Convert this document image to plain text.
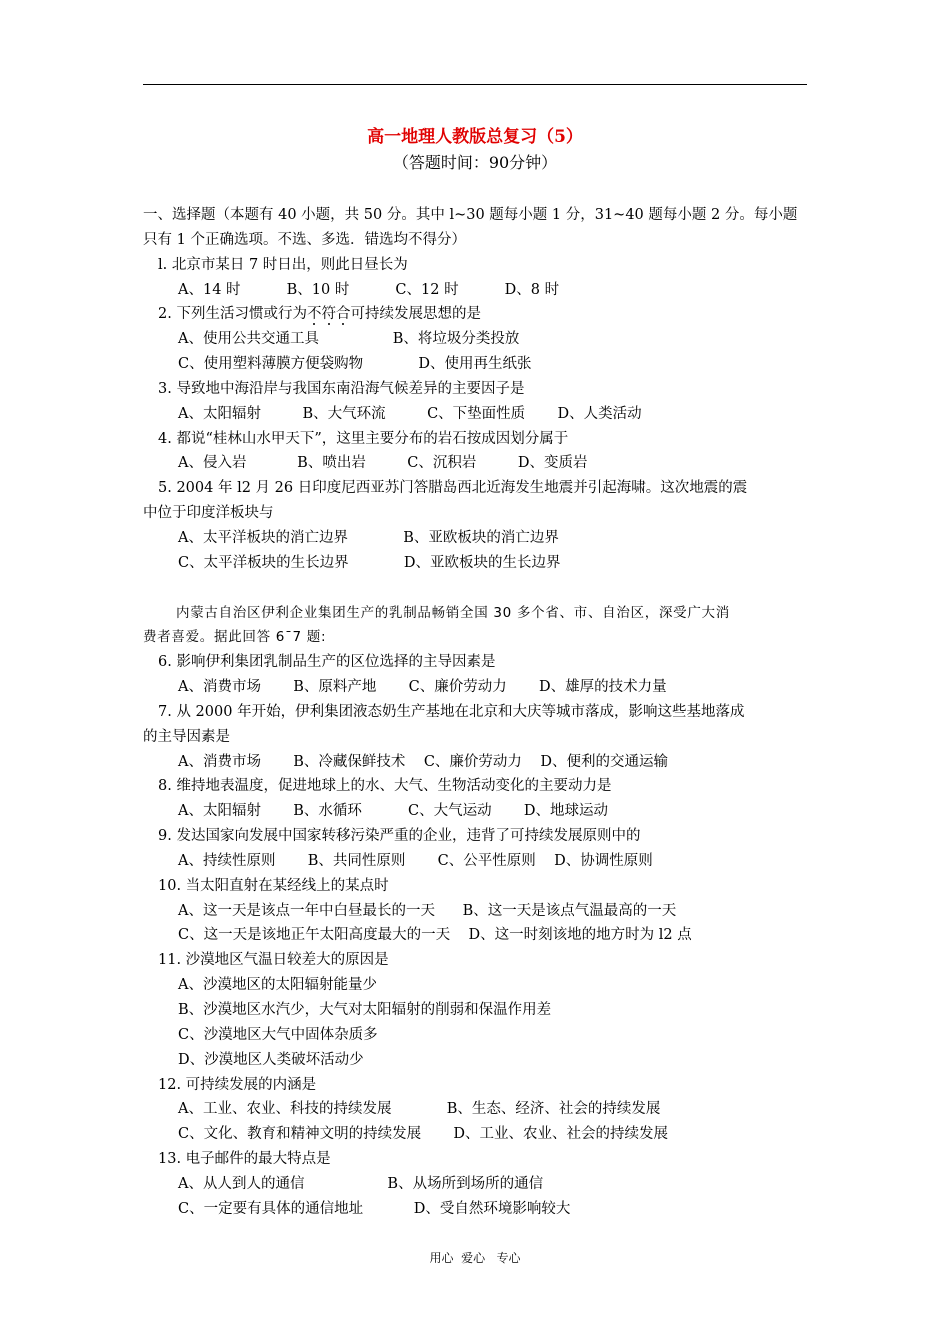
高一地理人教版总复习（5）
（答题时间：90分钟）
一、选择题（本题有 40 小题，共 50 分。其中 l~30 题每小题 1 分，31~40 题每小题 2 分。每小题
只有 1 个正确选项。不选、多选．错选均不得分）
l. 北京市某日 7 时日出，则此日昼长为
A、14 时          B、10 时          C、12 时          D、8 时
2. 下列生活习惯或行为不符合可持续发展思想的是
A、使用公共交通工具                B、将垃圾分类投放
C、使用塑料薄膜方便袋购物            D、使用再生纸张
3. 导致地中海沿岸与我国东南沿海气候差异的主要因子是
A、太阳辐射         B、大气环流         C、下垫面性质       D、人类活动
4. 都说“桂林山水甲天下”，这里主要分布的岩石按成因划分属于
A、侵入岩           B、喷出岩         C、沉积岩         D、变质岩
5. 2004 年 l2 月 26 日印度尼西亚苏门答腊岛西北近海发生地震并引起海啸。这次地震的震
中位于印度洋板块与
A、太平洋板块的消亡边界            B、亚欧板块的消亡边界
C、太平洋板块的生长边界            D、亚欧板块的生长边界
内蒙古自治区伊利企业集团生产的乳制品畅销全国 30 多个省、市、自治区，深受广大消
费者喜爱。据此回答 6¯7 题:
6. 影响伊利集团乳制品生产的区位选择的主导因素是
A、消费市场       B、原料产地       C、廉价劳动力       D、雄厚的技术力量
7. 从 2000 年开始，伊利集团液态奶生产基地在北京和大庆等城市落成，影响这些基地落成
的主导因素是
A、消费市场       B、冷藏保鲜技术    C、廉价劳动力    D、便利的交通运输
8. 维持地表温度，促进地球上的水、大气、生物活动变化的主要动力是
A、太阳辐射       B、水循环          C、大气运动       D、地球运动
9. 发达国家向发展中国家转移污染严重的企业，违背了可持续发展原则中的
A、持续性原则       B、共同性原则       C、公平性原则    D、协调性原则
10. 当太阳直射在某经线上的某点时
A、这一天是该点一年中白昼最长的一天      B、这一天是该点气温最高的一天
C、这一天是该地正午太阳高度最大的一天    D、这一时刻该地的地方时为 l2 点
11. 沙漠地区气温日较差大的原因是
A、沙漠地区的太阳辐射能量少
B、沙漠地区水汽少，大气对太阳辐射的削弱和保温作用差
C、沙漠地区大气中固体杂质多
D、沙漠地区人类破坏活动少
12. 可持续发展的内涵是
A、工业、农业、科技的持续发展            B、生态、经济、社会的持续发展
C、文化、教育和精神文明的持续发展       D、工业、农业、社会的持续发展
13. 电子邮件的最大特点是
A、从人到人的通信                  B、从场所到场所的通信
C、一定要有具体的通信地址           D、受自然环境影响较大
用心  爱心   专心
